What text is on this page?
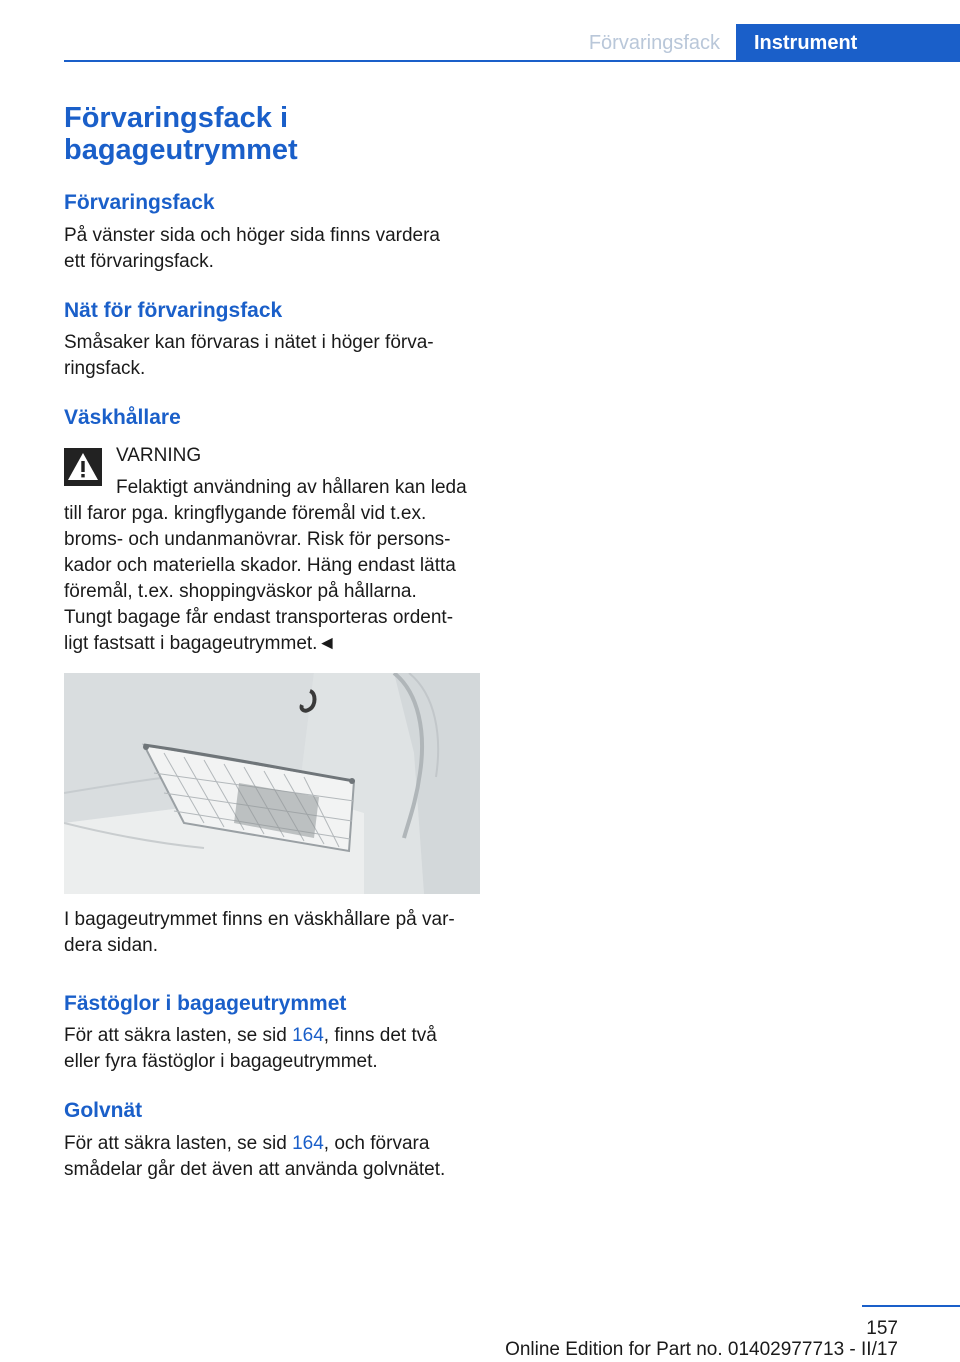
Förvaringsfack	Instrument
Förvaringsfack i
bagageutrymmet
Förvaringsfack
På vänster sida och höger sida finns vardera
ett förvaringsfack.
Nät för förvaringsfack
Småsaker kan förvaras i nätet i höger förva‐
ringsfack.
Väskhållare
VARNING
Felaktigt användning av hållaren kan leda
till faror pga. kringflygande föremål vid t.ex.
broms- och undanmanövrar. Risk för persons‐
kador och materiella skador. Häng endast lätta
föremål, t.ex. shoppingväskor på hållarna.
Tungt bagage får endast transporteras ordent‐
ligt fastsatt i bagageutrymmet.◄
I bagageutrymmet finns en väskhållare på var‐
dera sidan.
Fästöglor i bagageutrymmet
För att säkra lasten, se sid 164, finns det två
eller fyra fästöglor i bagageutrymmet.
Golvnät
För att säkra lasten, se sid 164, och förvara
smådelar går det även att använda golvnätet.
157
Online Edition for Part no. 01402977713 - II/17
